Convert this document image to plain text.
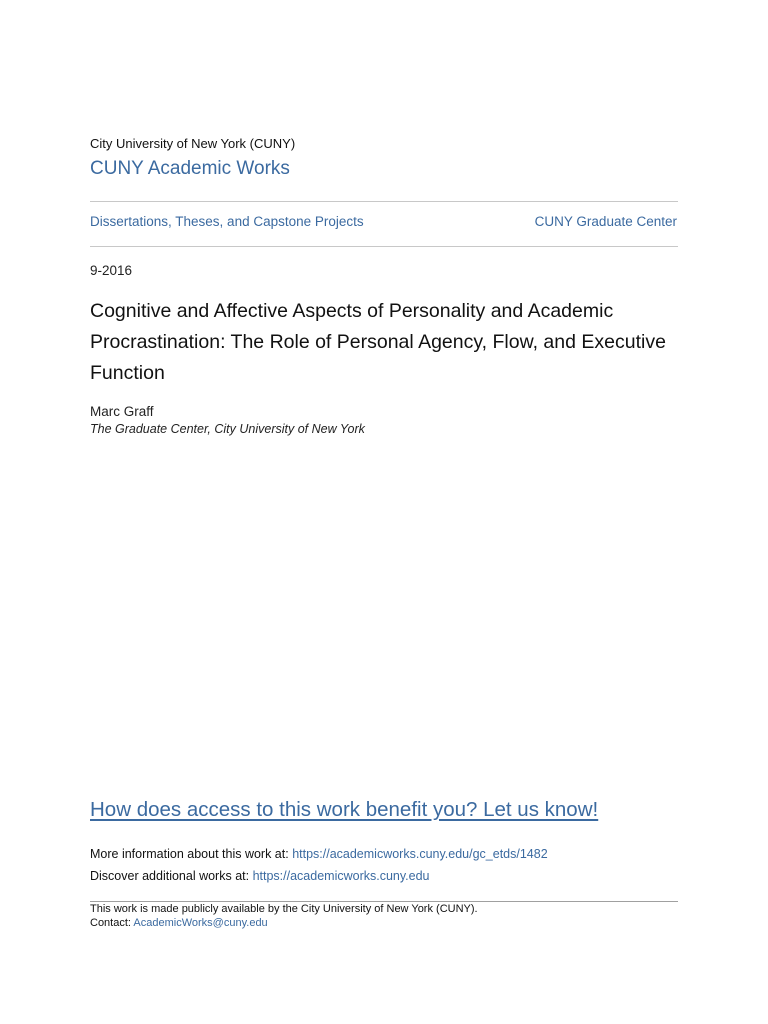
City University of New York (CUNY)
CUNY Academic Works
Dissertations, Theses, and Capstone Projects	CUNY Graduate Center
9-2016
Cognitive and Affective Aspects of Personality and Academic Procrastination: The Role of Personal Agency, Flow, and Executive Function
Marc Graff
The Graduate Center, City University of New York
How does access to this work benefit you? Let us know!
More information about this work at: https://academicworks.cuny.edu/gc_etds/1482
Discover additional works at: https://academicworks.cuny.edu
This work is made publicly available by the City University of New York (CUNY).
Contact: AcademicWorks@cuny.edu
